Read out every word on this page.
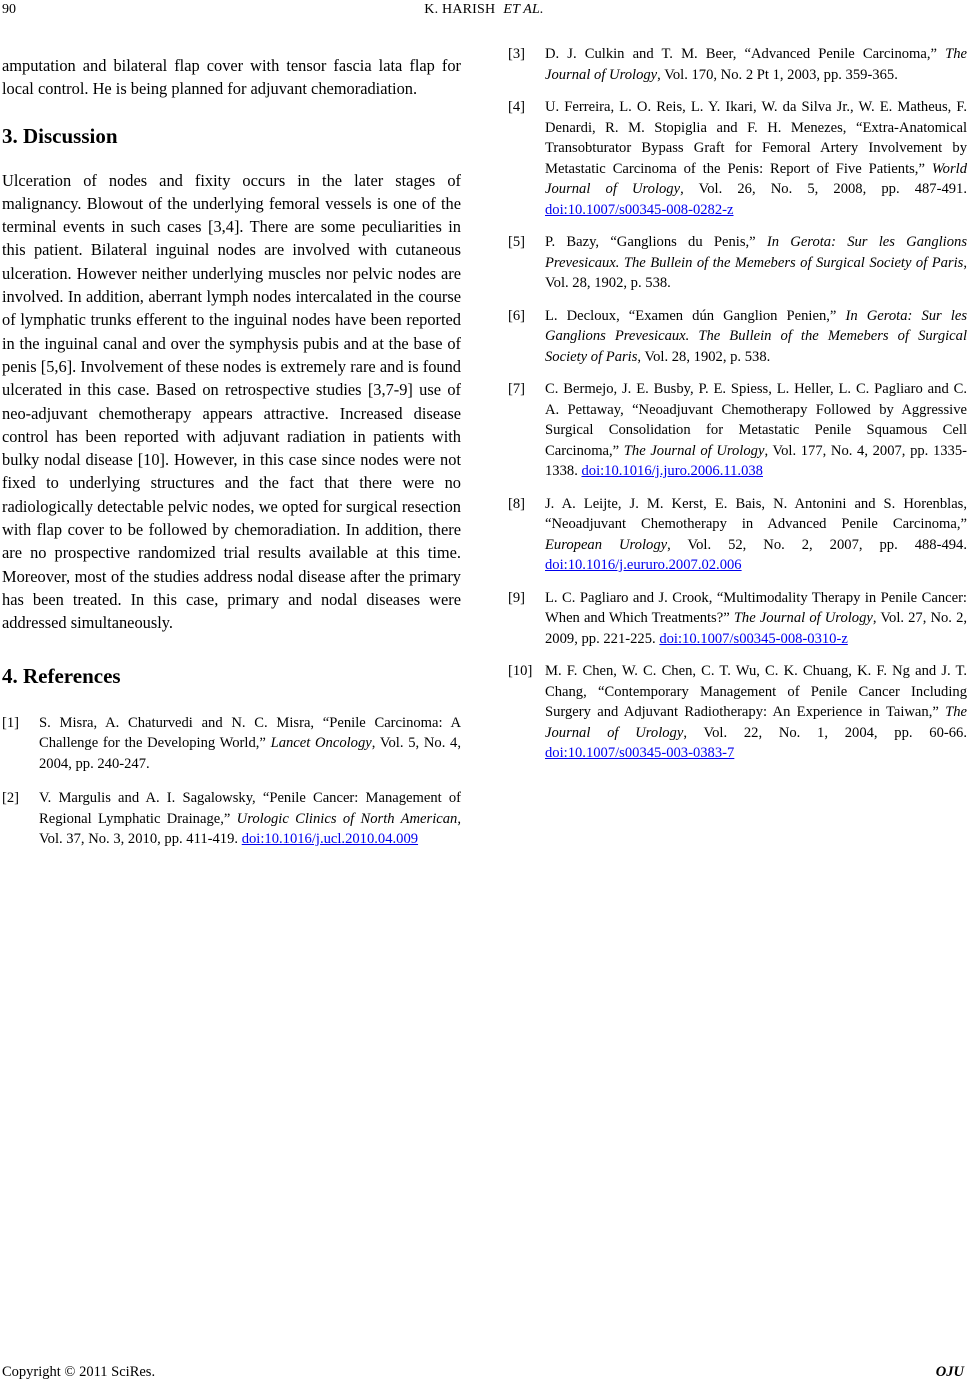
90	K. HARISH ET AL.

amputation and bilateral flap cover with tensor fascia lata flap for local control. He is being planned for adjuvant chemoradiation.

3. Discussion

Ulceration of nodes and fixity occurs in the later stages of malignancy. Blowout of the underlying femoral vessels is one of the terminal events in such cases [3,4]. There are some peculiarities in this patient. Bilateral inguinal nodes are involved with cutaneous ulceration. However neither underlying muscles nor pelvic nodes are involved. In addition, aberrant lymph nodes intercalated in the course of lymphatic trunks efferent to the inguinal nodes have been reported in the inguinal canal and over the symphysis pubis and at the base of penis [5,6]. Involvement of these nodes is extremely rare and is found ulcerated in this case. Based on retrospective studies [3,7-9] use of neo-adjuvant chemotherapy appears attractive. Increased disease control has been reported with adjuvant radiation in patients with bulky nodal disease [10]. However, in this case since nodes were not fixed to underlying structures and the fact that there were no radiologically detectable pelvic nodes, we opted for surgical resection with flap cover to be followed by chemoradiation. In addition, there are no prospective randomized trial results available at this time. Moreover, most of the studies address nodal disease after the primary has been treated. In this case, primary and nodal diseases were addressed simultaneously.

4. References
[1] S. Misra, A. Chaturvedi and N. C. Misra, “Penile Carcinoma: A Challenge for the Developing World,” Lancet Oncology, Vol. 5, No. 4, 2004, pp. 240-247.
[2] V. Margulis and A. I. Sagalowsky, “Penile Cancer: Management of Regional Lymphatic Drainage,” Urologic Clinics of North American, Vol. 37, No. 3, 2010, pp. 411-419. doi:10.1016/j.ucl.2010.04.009
[3] D. J. Culkin and T. M. Beer, “Advanced Penile Carcinoma,” The Journal of Urology, Vol. 170, No. 2 Pt 1, 2003, pp. 359-365.
[4] U. Ferreira, L. O. Reis, L. Y. Ikari, W. da Silva Jr., W. E. Matheus, F. Denardi, R. M. Stopiglia and F. H. Menezes, “Extra-Anatomical Transobturator Bypass Graft for Femoral Artery Involvement by Metastatic Carcinoma of the Penis: Report of Five Patients,” World Journal of Urology, Vol. 26, No. 5, 2008, pp. 487-491. doi:10.1007/s00345-008-0282-z
[5] P. Bazy, “Ganglions du Penis,” In Gerota: Sur les Ganglions Prevesicaux. The Bullein of the Memebers of Surgical Society of Paris, Vol. 28, 1902, p. 538.
[6] L. Decloux, “Examen dún Ganglion Penien,” In Gerota: Sur les Ganglions Prevesicaux. The Bullein of the Memebers of Surgical Society of Paris, Vol. 28, 1902, p. 538.
[7] C. Bermejo, J. E. Busby, P. E. Spiess, L. Heller, L. C. Pagliaro and C. A. Pettaway, “Neoadjuvant Chemotherapy Followed by Aggressive Surgical Consolidation for Metastatic Penile Squamous Cell Carcinoma,” The Journal of Urology, Vol. 177, No. 4, 2007, pp. 1335-1338. doi:10.1016/j.juro.2006.11.038
[8] J. A. Leijte, J. M. Kerst, E. Bais, N. Antonini and S. Horenblas, “Neoadjuvant Chemotherapy in Advanced Penile Carcinoma,” European Urology, Vol. 52, No. 2, 2007, pp. 488-494. doi:10.1016/j.eururo.2007.02.006
[9] L. C. Pagliaro and J. Crook, “Multimodality Therapy in Penile Cancer: When and Which Treatments?” The Journal of Urology, Vol. 27, No. 2, 2009, pp. 221-225. doi:10.1007/s00345-008-0310-z
[10] M. F. Chen, W. C. Chen, C. T. Wu, C. K. Chuang, K. F. Ng and J. T. Chang, “Contemporary Management of Penile Cancer Including Surgery and Adjuvant Radiotherapy: An Experience in Taiwan,” The Journal of Urology, Vol. 22, No. 1, 2004, pp. 60-66. doi:10.1007/s00345-003-0383-7
Copyright © 2011 SciRes.	OJU
